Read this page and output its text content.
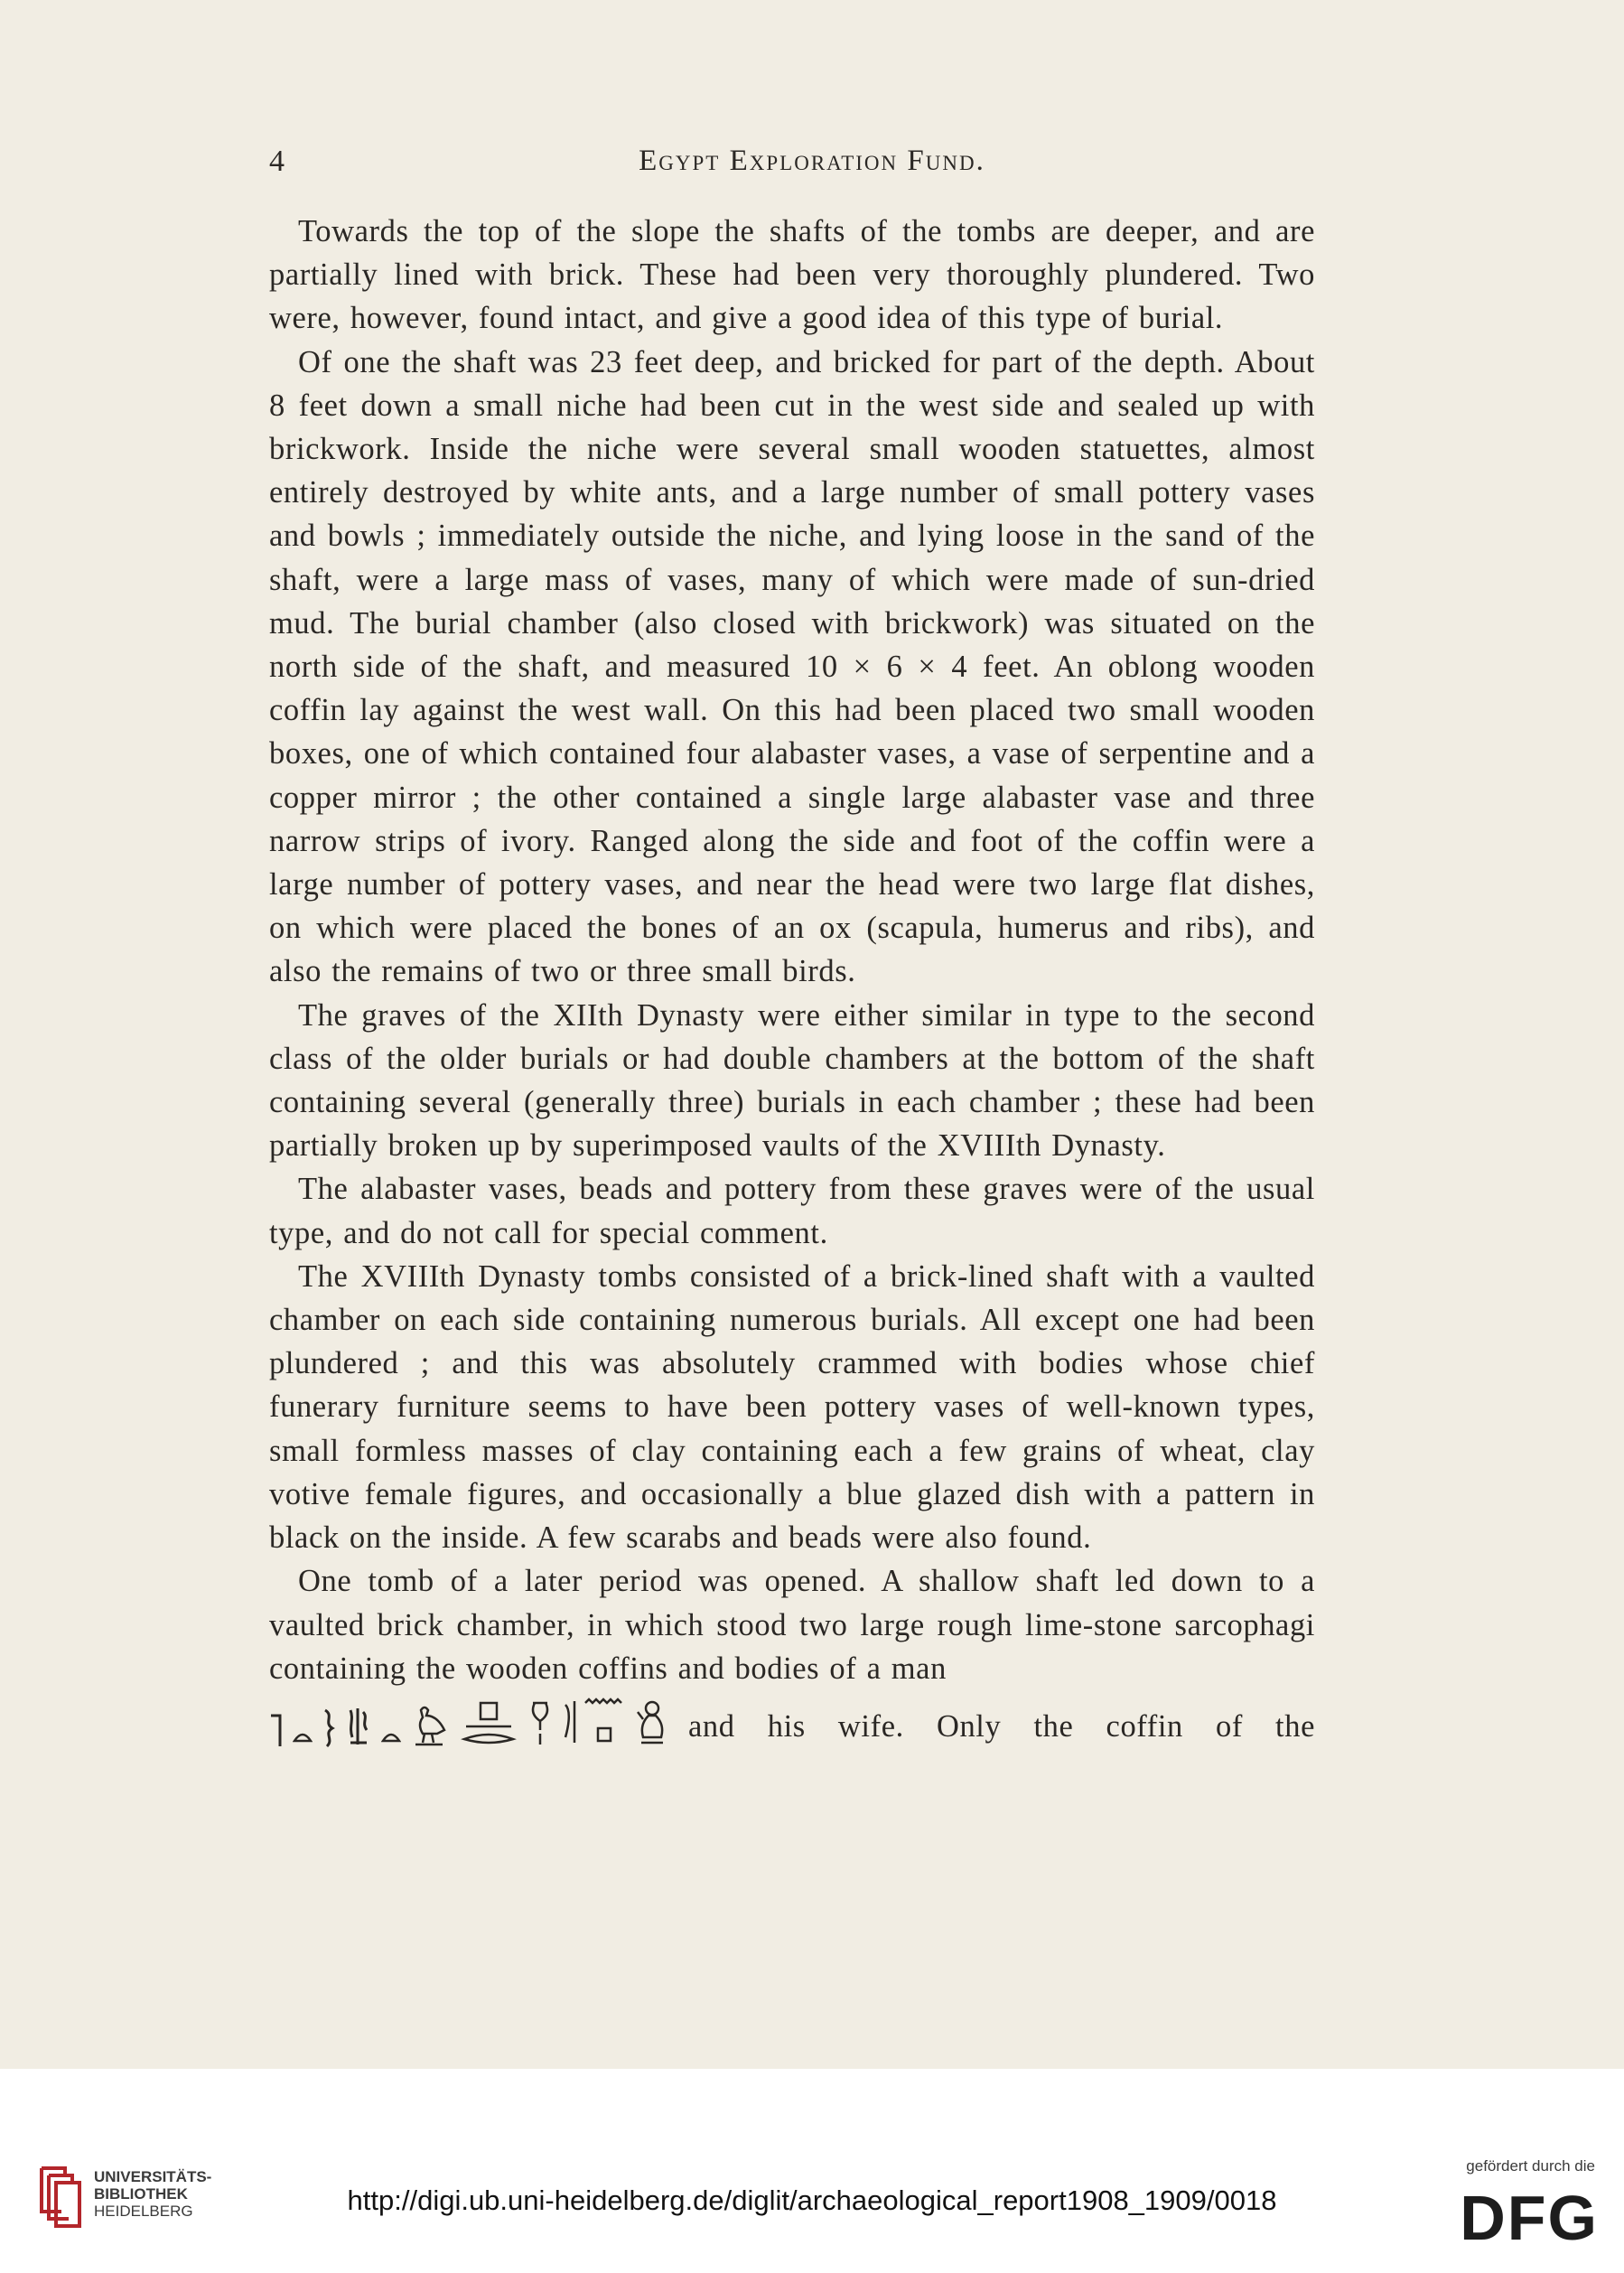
4	Egypt Exploration Fund.

Towards the top of the slope the shafts of the tombs are deeper, and are partially lined with brick. These had been very thoroughly plundered. Two were, however, found intact, and give a good idea of this type of burial.

Of one the shaft was 23 feet deep, and bricked for part of the depth. About 8 feet down a small niche had been cut in the west side and sealed up with brickwork. Inside the niche were several small wooden statuettes, almost entirely destroyed by white ants, and a large number of small pottery vases and bowls ; immediately outside the niche, and lying loose in the sand of the shaft, were a large mass of vases, many of which were made of sun-dried mud. The burial chamber (also closed with brickwork) was situated on the north side of the shaft, and measured 10 × 6 × 4 feet. An oblong wooden coffin lay against the west wall. On this had been placed two small wooden boxes, one of which contained four alabaster vases, a vase of serpentine and a copper mirror ; the other contained a single large alabaster vase and three narrow strips of ivory. Ranged along the side and foot of the coffin were a large number of pottery vases, and near the head were two large flat dishes, on which were placed the bones of an ox (scapula, humerus and ribs), and also the remains of two or three small birds.

The graves of the XIIth Dynasty were either similar in type to the second class of the older burials or had double chambers at the bottom of the shaft containing several (generally three) burials in each chamber ; these had been partially broken up by superimposed vaults of the XVIIIth Dynasty.

The alabaster vases, beads and pottery from these graves were of the usual type, and do not call for special comment.

The XVIIIth Dynasty tombs consisted of a brick-lined shaft with a vaulted chamber on each side containing numerous burials. All except one had been plundered ; and this was absolutely crammed with bodies whose chief funerary furniture seems to have been pottery vases of well-known types, small formless masses of clay containing each a few grains of wheat, clay votive female figures, and occasionally a blue glazed dish with a pattern in black on the inside. A few scarabs and beads were also found.

One tomb of a later period was opened. A shallow shaft led down to a vaulted brick chamber, in which stood two large rough lime-stone sarcophagi containing the wooden coffins and bodies of a man

and his wife. Only the coffin of the
UNIVERSITÄTS-
BIBLIOTHEK
HEIDELBERG	http://digi.ub.uni-heidelberg.de/diglit/archaeological_report1908_1909/0018
gefördert durch die
DFG
